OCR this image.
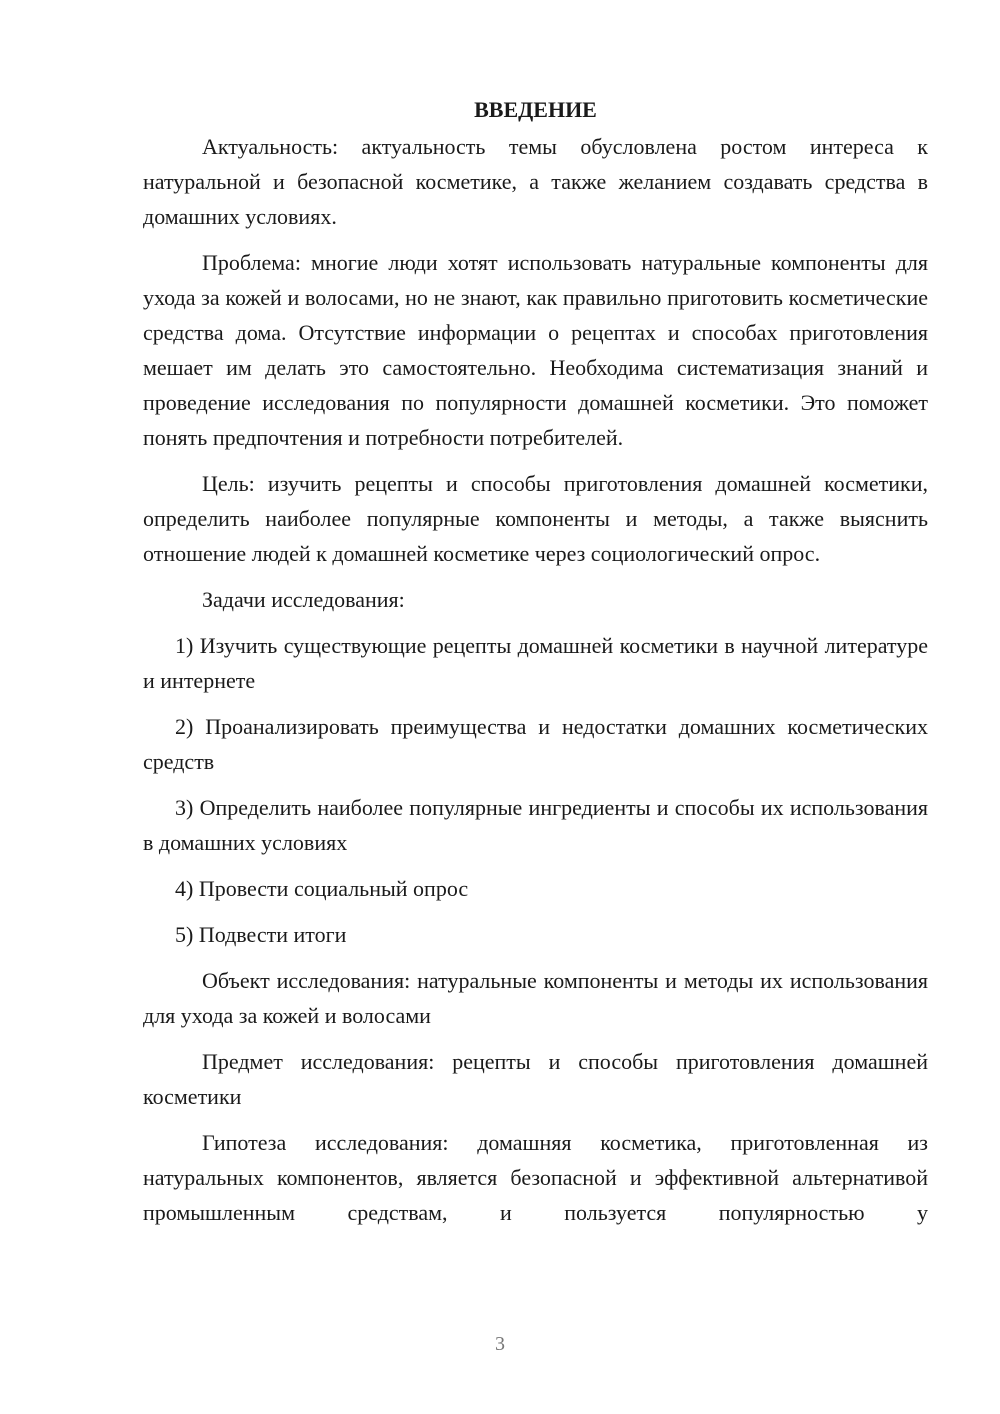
ВВЕДЕНИЕ

Актуальность: актуальность темы обусловлена ростом интереса к натуральной и безопасной косметике, а также желанием создавать средства в домашних условиях.

Проблема: многие люди хотят использовать натуральные компоненты для ухода за кожей и волосами, но не знают, как правильно приготовить косметические средства дома. Отсутствие информации о рецептах и способах приготовления мешает им делать это самостоятельно. Необходима систематизация знаний и проведение исследования по популярности домашней косметики. Это поможет понять предпочтения и потребности потребителей.

Цель: изучить рецепты и способы приготовления домашней косметики, определить наиболее популярные компоненты и методы, а также выяснить отношение людей к домашней косметике через социологический опрос.

Задачи исследования:

1) Изучить существующие рецепты домашней косметики в научной литературе и интернете

2) Проанализировать преимущества и недостатки домашних косметических средств

3) Определить наиболее популярные ингредиенты и способы их использования в домашних условиях

4) Провести социальный опрос

5) Подвести итоги

Объект исследования: натуральные компоненты и методы их использования для ухода за кожей и волосами

Предмет исследования: рецепты и способы приготовления домашней косметики

Гипотеза исследования: домашняя косметика, приготовленная из натуральных компонентов, является безопасной и эффективной альтернативой промышленным средствам, и пользуется популярностью у

3
